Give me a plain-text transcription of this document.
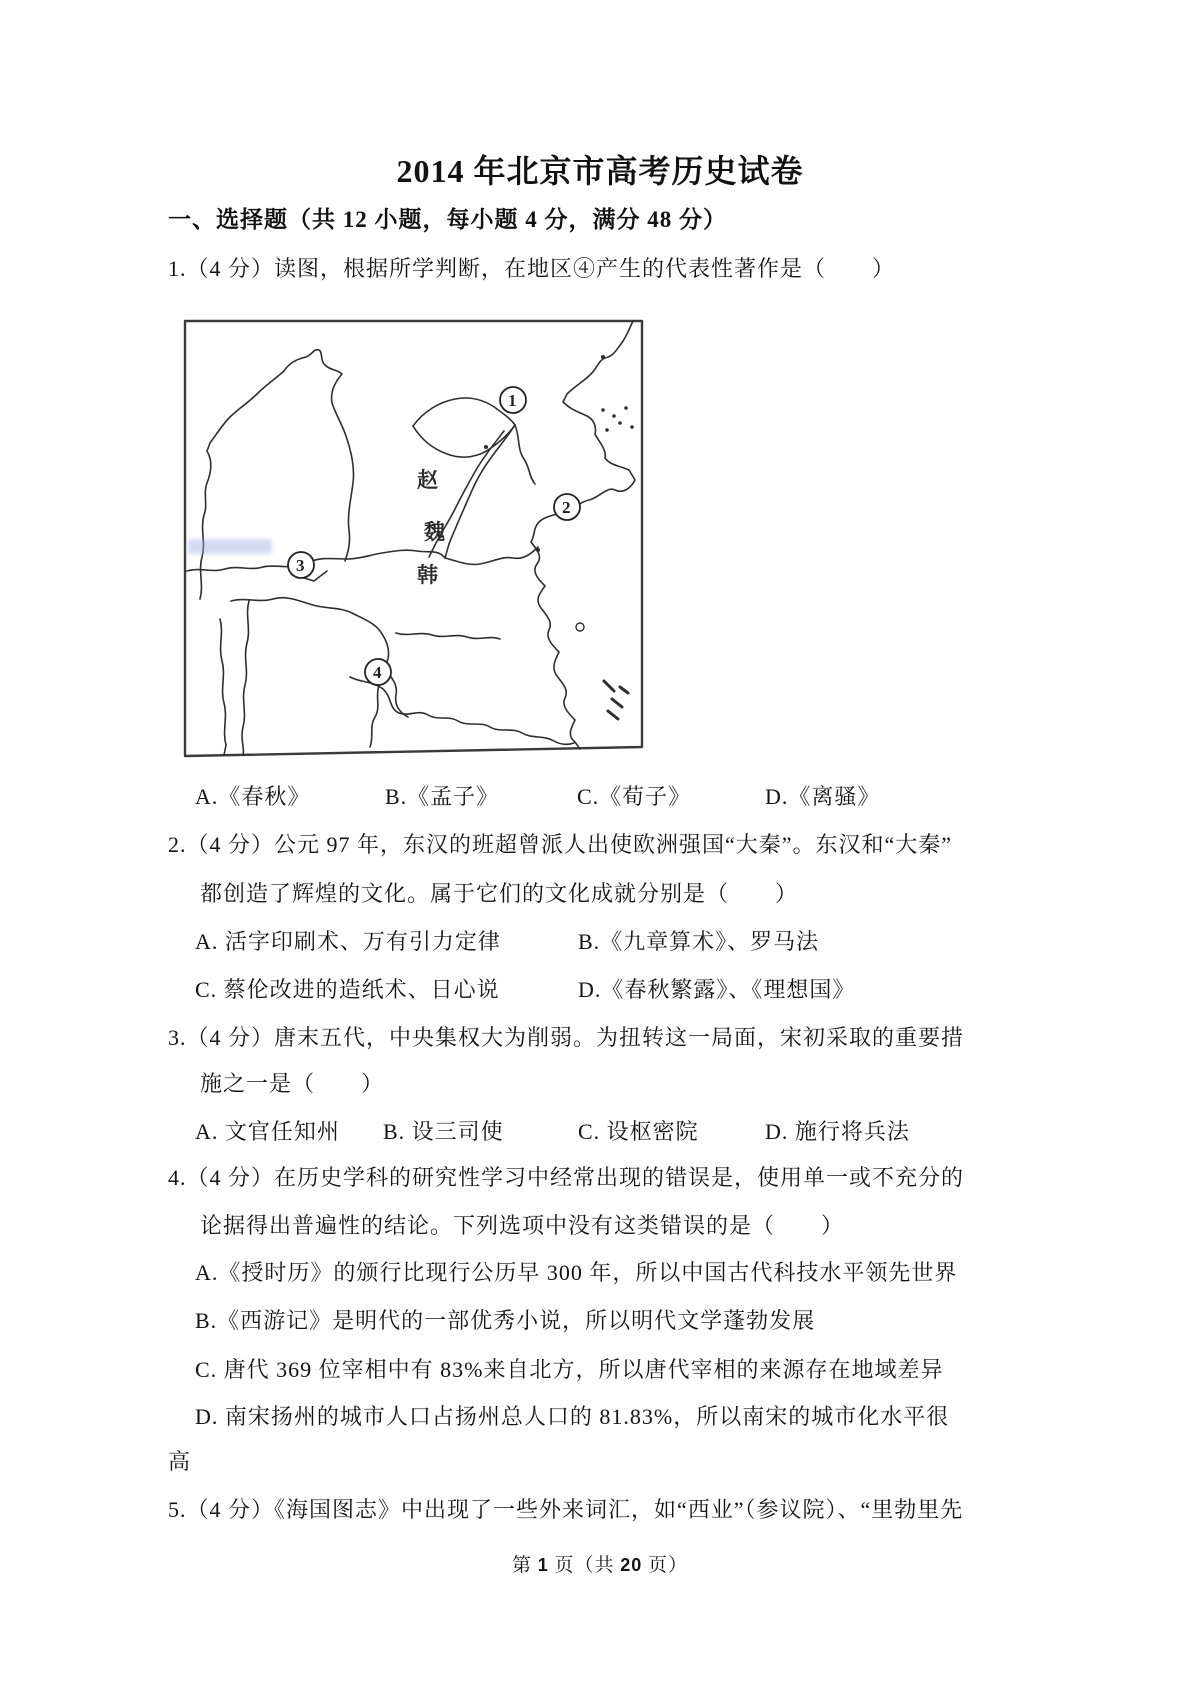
2014 年北京市高考历史试卷
一、选择题（共 12 小题，每小题 4 分，满分 48 分）
1.（4 分）读图，根据所学判断，在地区④产生的代表性著作是（　　）
赵
魏
韩
1
2
3
4
A.《春秋》	B.《孟子》	C.《荀子》	D.《离骚》
2.（4 分）公元 97 年，东汉的班超曾派人出使欧洲强国“大秦”。东汉和“大秦”
都创造了辉煌的文化。属于它们的文化成就分别是（　　）
A. 活字印刷术、万有引力定律	B.《九章算术》、罗马法
C. 蔡伦改进的造纸术、日心说	D.《春秋繁露》、《理想国》
3.（4 分）唐末五代，中央集权大为削弱。为扭转这一局面，宋初采取的重要措
施之一是（　　）
A. 文官任知州 B. 设三司使	C. 设枢密院	D. 施行将兵法
4.（4 分）在历史学科的研究性学习中经常出现的错误是，使用单一或不充分的
论据得出普遍性的结论。下列选项中没有这类错误的是（　　）
A.《授时历》的颁行比现行公历早 300 年，所以中国古代科技水平领先世界
B.《西游记》是明代的一部优秀小说，所以明代文学蓬勃发展
C. 唐代 369 位宰相中有 83%来自北方，所以唐代宰相的来源存在地域差异
D. 南宋扬州的城市人口占扬州总人口的 81.83%，所以南宋的城市化水平很
高
5.（4 分）《海国图志》中出现了一些外来词汇，如“西业”（参议院）、“里勃里先
第 1 页（共 20 页）
